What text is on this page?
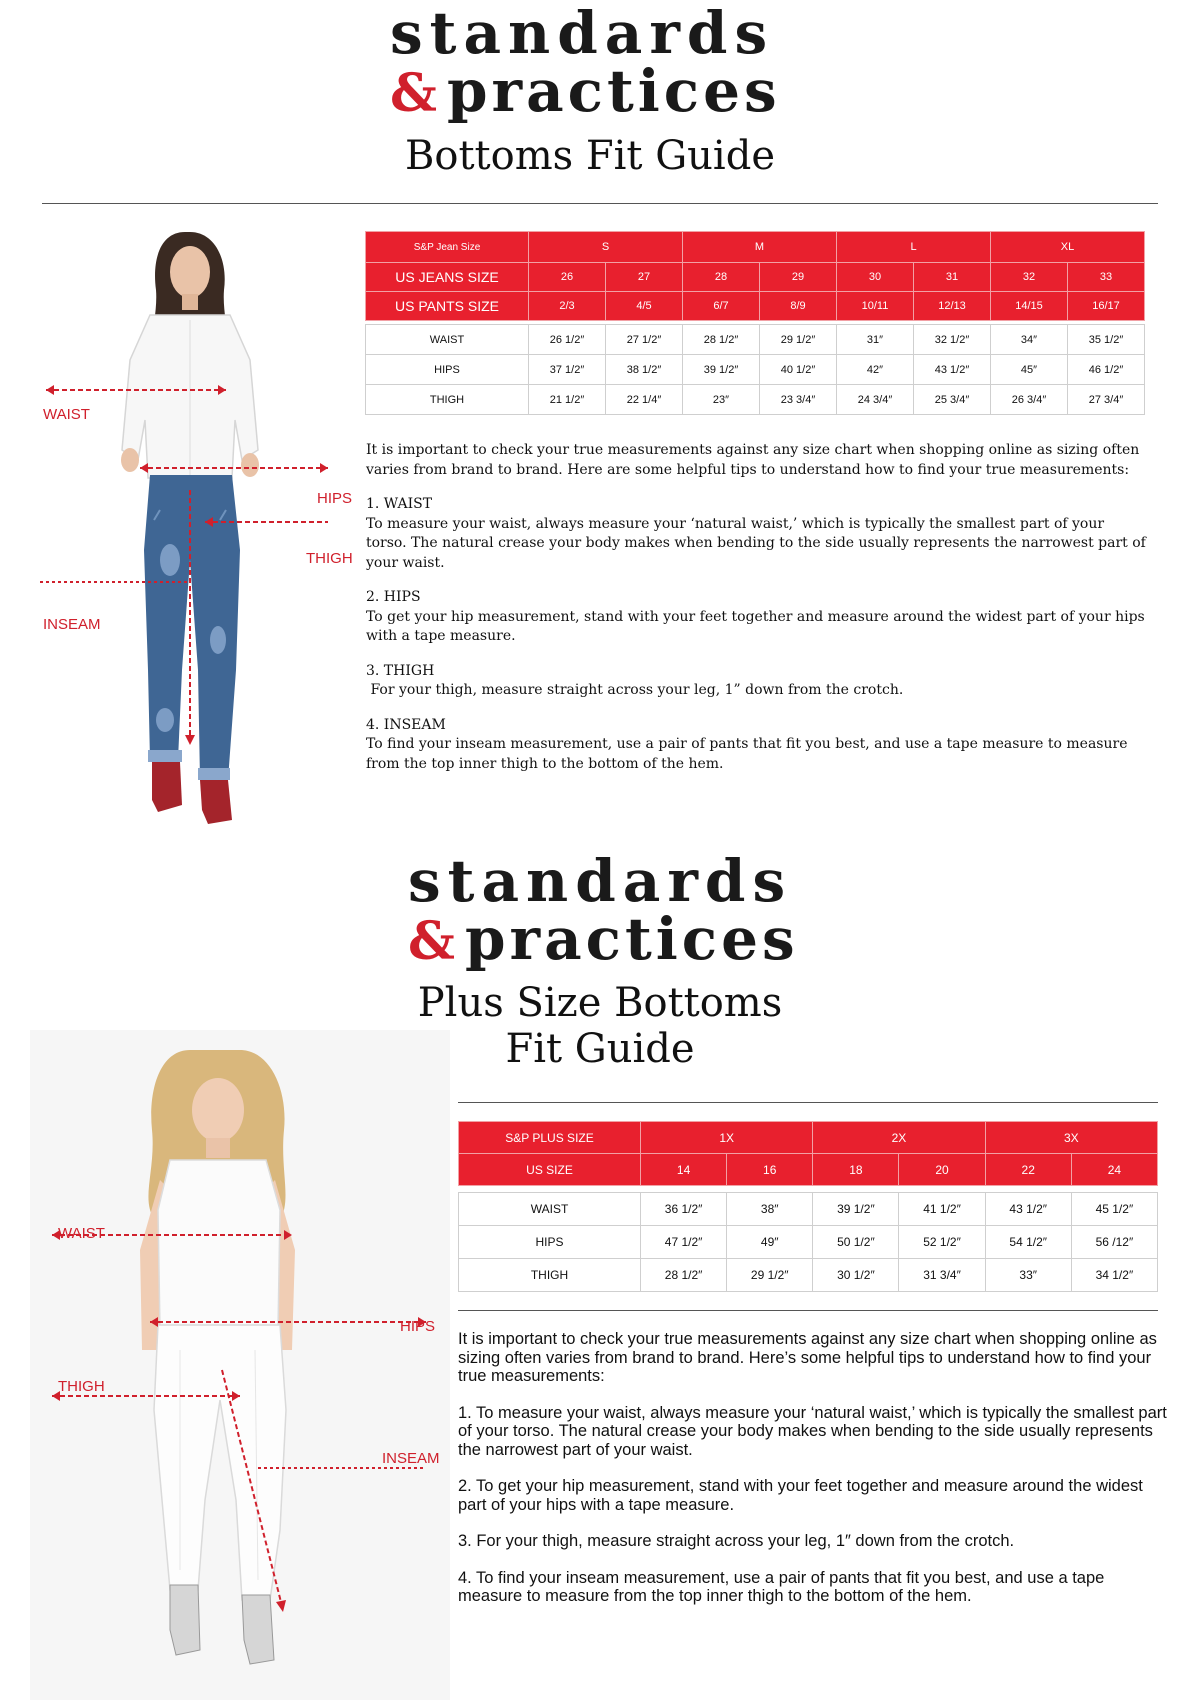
standards
& practices
Bottoms Fit Guide
WAIST
HIPS
THIGH
INSEAM
S&P Jean Size	S		M		L		XL	
US JEANS SIZE	26	27	28	29	30	31	32	33
US PANTS SIZE	2/3	4/5	6/7	8/9	10/11	12/13	14/15	16/17

WAIST	26 1/2″	27 1/2″	28 1/2″	29 1/2″	31″	32 1/2″	34″	35 1/2″
HIPS	37 1/2″	38 1/2″	39 1/2″	40 1/2″	42″	43 1/2″	45″	46 1/2″
THIGH	21 1/2″	22 1/4″	23″	23 3/4″	24 3/4″	25 3/4″	26 3/4″	27 3/4″

It is important to check your true measurements against any size chart when shopping online as sizing often varies from brand to brand. Here are some helpful tips to understand how to find your true measurements:

1. WAIST
To measure your waist, always measure your ‘natural waist,’ which is typically the smallest part of your torso. The natural crease your body makes when bending to the side usually represents the narrowest part of your waist.

2. HIPS
To get your hip measurement, stand with your feet together and measure around the widest part of your hips with a tape measure.

3. THIGH
For your thigh, measure straight across your leg, 1” down from the crotch.

4. INSEAM
To find your inseam measurement, use a pair of pants that fit you best, and use a tape measure to measure from the top inner thigh to the bottom of the hem.

standards
& practices
Plus Size Bottoms
Fit Guide
WAIST
HIPS
THIGH
INSEAM
S&P PLUS SIZE	1X		2X		3X	
US SIZE	14	16	18	20	22	24

WAIST	36 1/2″	38″	39 1/2″	41 1/2″	43 1/2″	45 1/2″
HIPS	47 1/2″	49″	50 1/2″	52 1/2″	54 1/2″	56 /12″
THIGH	28 1/2″	29 1/2″	30 1/2″	31 3/4″	33″	34 1/2″

It is important to check your true measurements against any size chart when shopping online as sizing often varies from brand to brand. Here’s some helpful tips to understand how to find your true measurements:

1. To measure your waist, always measure your ‘natural waist,’ which is typically the smallest part of your torso. The natural crease your body makes when bending to the side usually represents the narrowest part of your waist.

2. To get your hip measurement, stand with your feet together and measure around the widest part of your hips with a tape measure.

3. For your thigh, measure straight across your leg, 1″ down from the crotch.

4. To find your inseam measurement, use a pair of pants that fit you best, and use a tape measure to measure from the top inner thigh to the bottom of the hem.
